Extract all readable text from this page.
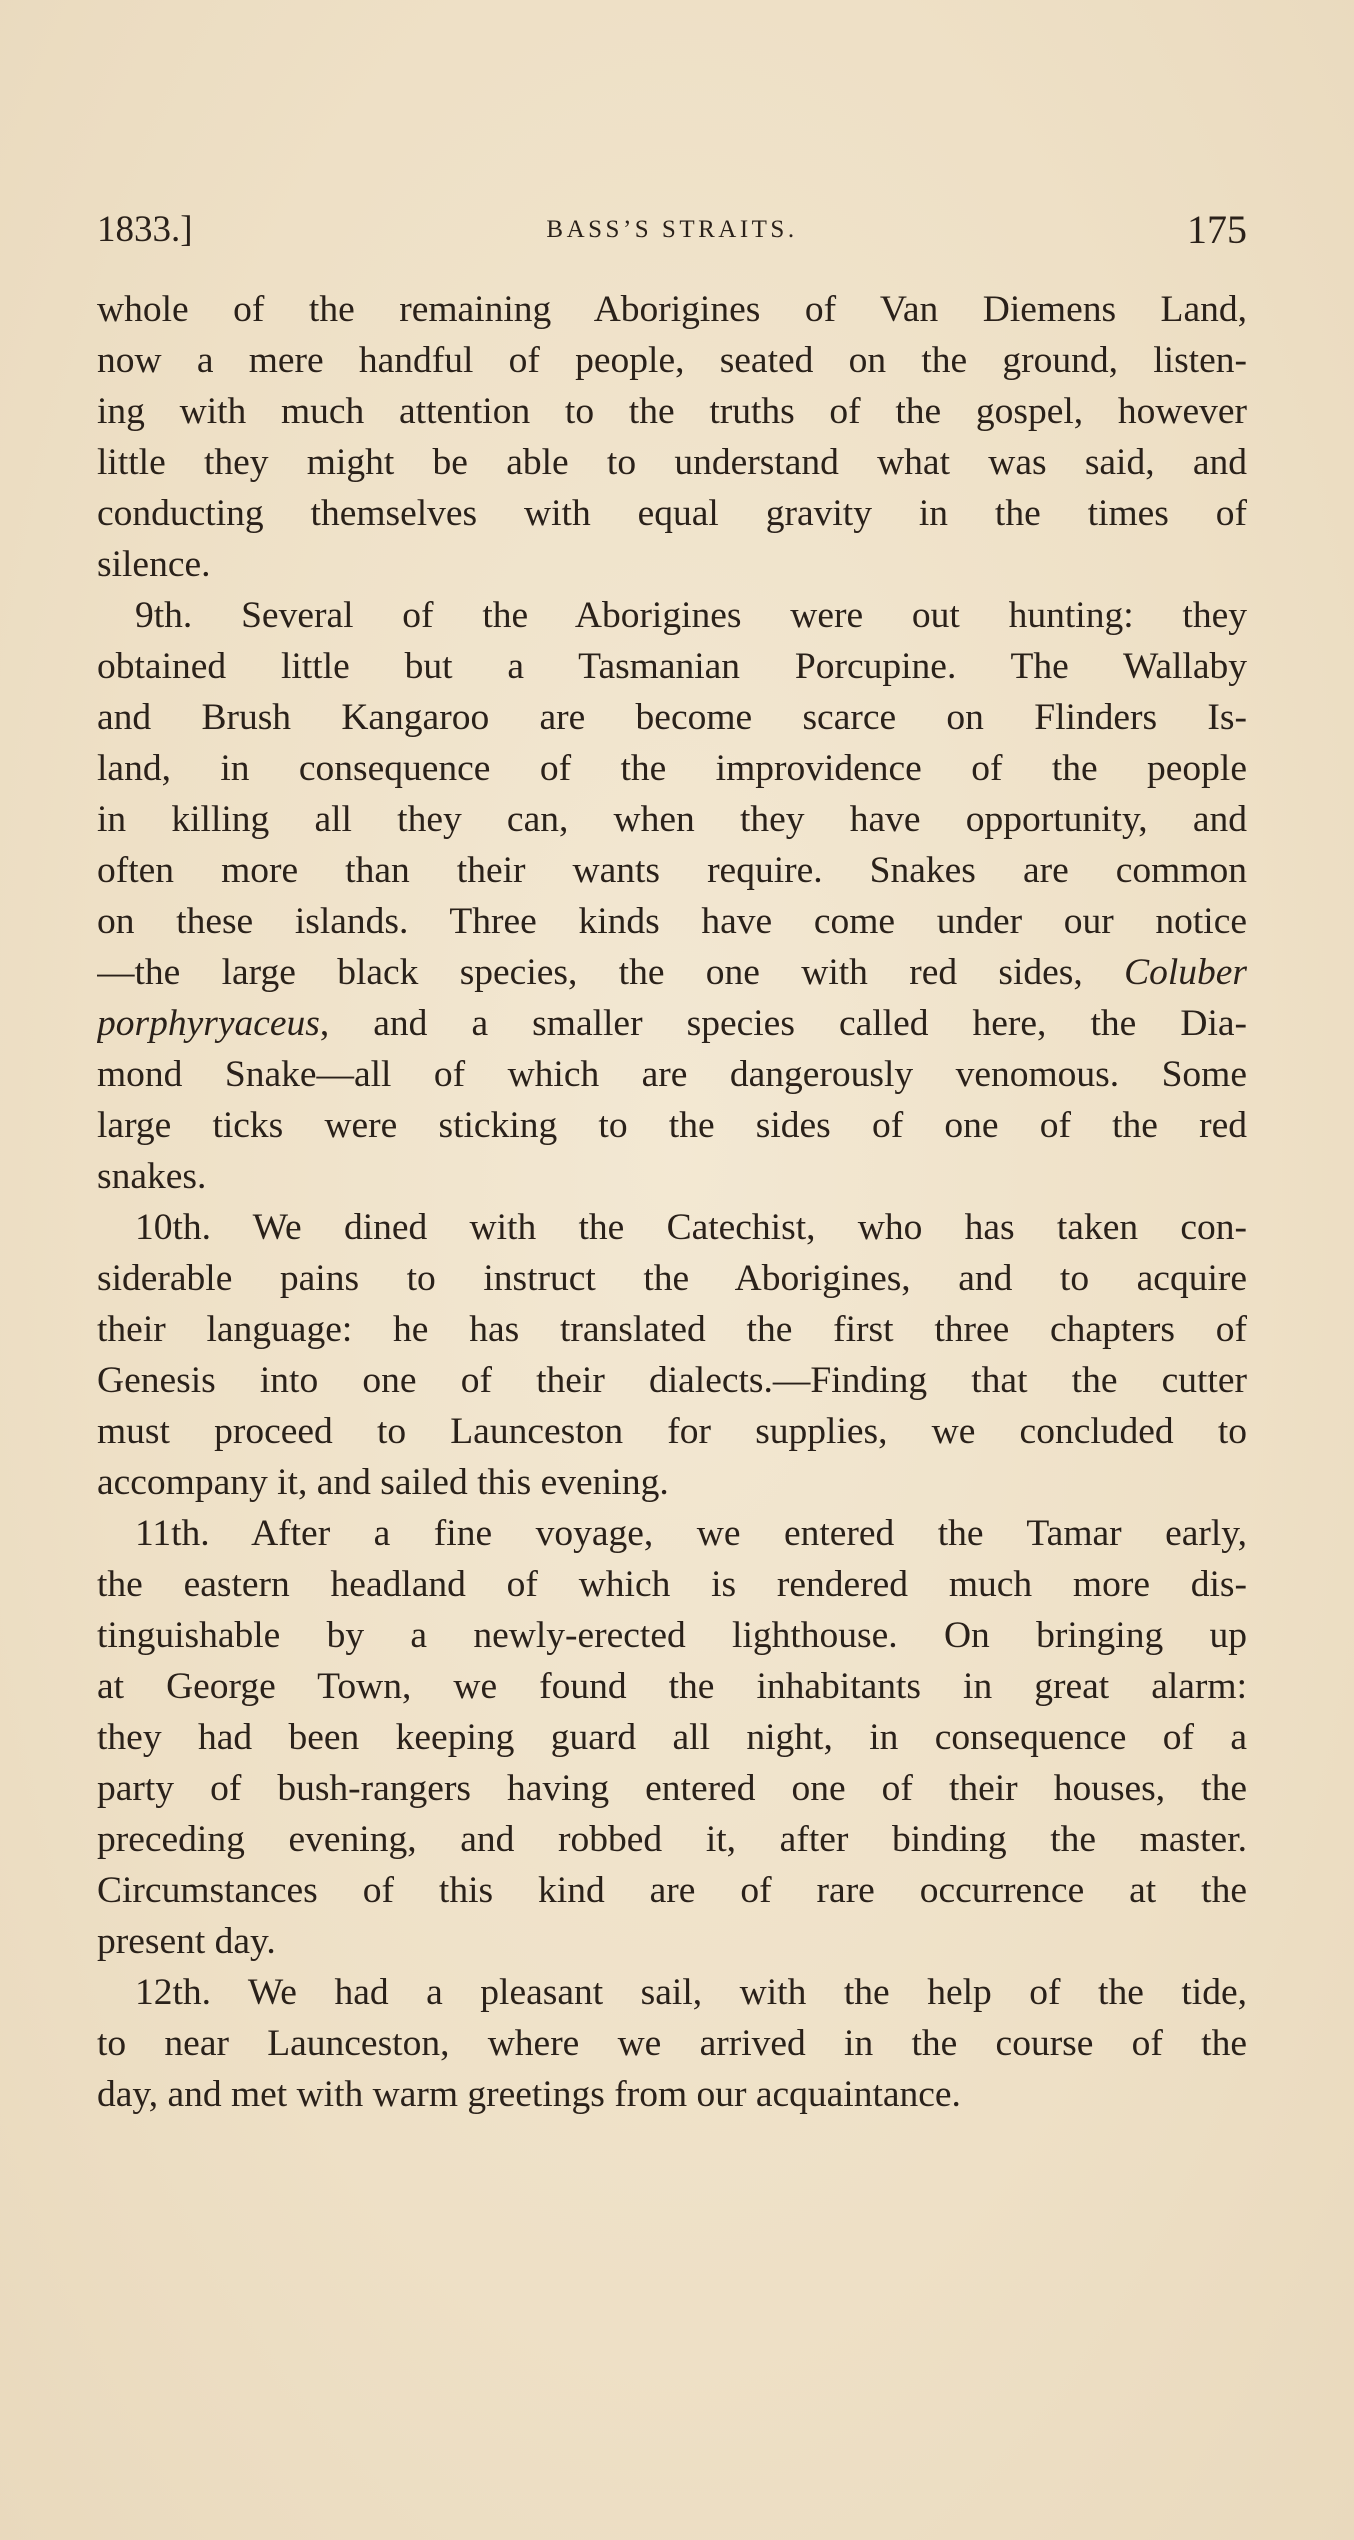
1833.]	BASS’S STRAITS.	175
whole of the remaining Aborigines of Van Diemens Land,
now a mere handful of people, seated on the ground, listen-
ing with much attention to the truths of the gospel, however
little they might be able to understand what was said, and
conducting themselves with equal gravity in the times of
silence.
9th. Several of the Aborigines were out hunting: they
obtained little but a Tasmanian Porcupine. The Wallaby
and Brush Kangaroo are become scarce on Flinders Is-
land, in consequence of the improvidence of the people
in killing all they can, when they have opportunity, and
often more than their wants require. Snakes are common
on these islands. Three kinds have come under our notice
—the large black species, the one with red sides, Coluber
porphyryaceus, and a smaller species called here, the Dia-
mond Snake—all of which are dangerously venomous. Some
large ticks were sticking to the sides of one of the red
snakes.
10th. We dined with the Catechist, who has taken con-
siderable pains to instruct the Aborigines, and to acquire
their language: he has translated the first three chapters of
Genesis into one of their dialects.—Finding that the cutter
must proceed to Launceston for supplies, we concluded to
accompany it, and sailed this evening.
11th. After a fine voyage, we entered the Tamar early,
the eastern headland of which is rendered much more dis-
tinguishable by a newly-erected lighthouse. On bringing up
at George Town, we found the inhabitants in great alarm:
they had been keeping guard all night, in consequence of a
party of bush-rangers having entered one of their houses, the
preceding evening, and robbed it, after binding the master.
Circumstances of this kind are of rare occurrence at the
present day.
12th. We had a pleasant sail, with the help of the tide,
to near Launceston, where we arrived in the course of the
day, and met with warm greetings from our acquaintance.
